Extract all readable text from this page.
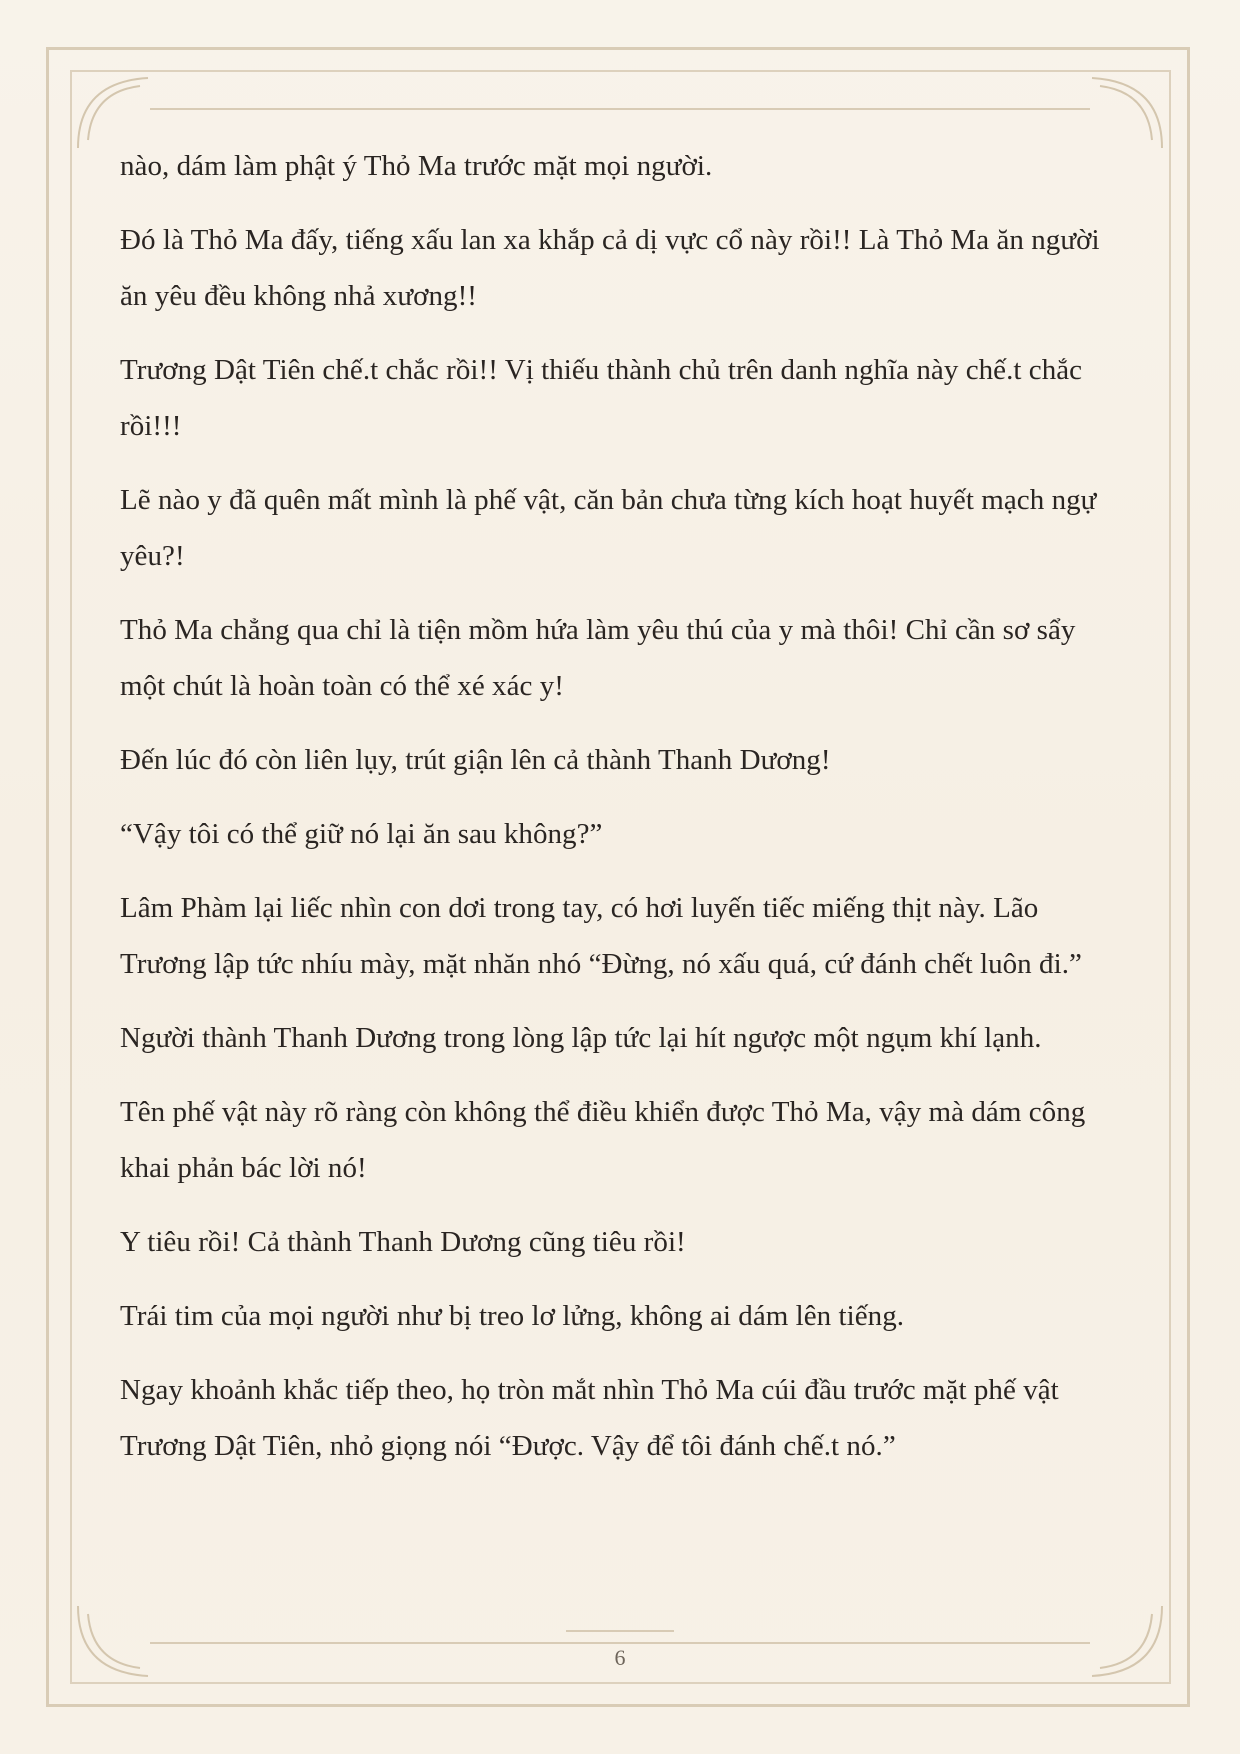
nào, dám làm phật ý Thỏ Ma trước mặt mọi người.

Đó là Thỏ Ma đấy, tiếng xấu lan xa khắp cả dị vực cổ này rồi!! Là Thỏ Ma ăn người ăn yêu đều không nhả xương!!

Trương Dật Tiên chế.t chắc rồi!! Vị thiếu thành chủ trên danh nghĩa này chế.t chắc rồi!!!

Lẽ nào y đã quên mất mình là phế vật, căn bản chưa từng kích hoạt huyết mạch ngự yêu?!

Thỏ Ma chẳng qua chỉ là tiện mồm hứa làm yêu thú của y mà thôi! Chỉ cần sơ sẩy một chút là hoàn toàn có thể xé xác y!

Đến lúc đó còn liên lụy, trút giận lên cả thành Thanh Dương!

“Vậy tôi có thể giữ nó lại ăn sau không?”

Lâm Phàm lại liếc nhìn con dơi trong tay, có hơi luyến tiếc miếng thịt này. Lão Trương lập tức nhíu mày, mặt nhăn nhó “Đừng, nó xấu quá, cứ đánh chết luôn đi.”

Người thành Thanh Dương trong lòng lập tức lại hít ngược một ngụm khí lạnh.

Tên phế vật này rõ ràng còn không thể điều khiển được Thỏ Ma, vậy mà dám công khai phản bác lời nó!

Y tiêu rồi! Cả thành Thanh Dương cũng tiêu rồi!

Trái tim của mọi người như bị treo lơ lửng, không ai dám lên tiếng.

Ngay khoảnh khắc tiếp theo, họ tròn mắt nhìn Thỏ Ma cúi đầu trước mặt phế vật Trương Dật Tiên, nhỏ giọng nói “Được. Vậy để tôi đánh chế.t nó.”

6
